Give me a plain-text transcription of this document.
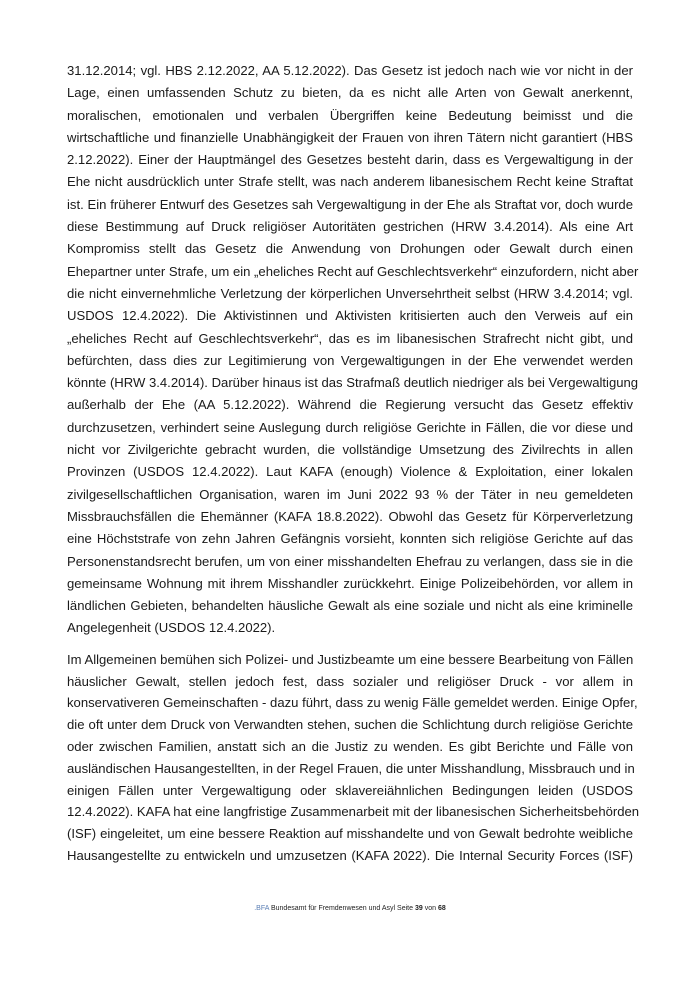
31.12.2014; vgl. HBS 2.12.2022, AA 5.12.2022). Das Gesetz ist jedoch nach wie vor nicht in der
Lage, einen umfassenden Schutz zu bieten, da es nicht alle Arten von Gewalt anerkennt,
moralischen, emotionalen und verbalen Übergriffen keine Bedeutung beimisst und die
wirtschaftliche und finanzielle Unabhängigkeit der Frauen von ihren Tätern nicht garantiert (HBS
2.12.2022). Einer der Hauptmängel des Gesetzes besteht darin, dass es Vergewaltigung in der
Ehe nicht ausdrücklich unter Strafe stellt, was nach anderem libanesischem Recht keine Straftat
ist. Ein früherer Entwurf des Gesetzes sah Vergewaltigung in der Ehe als Straftat vor, doch wurde
diese Bestimmung auf Druck religiöser Autoritäten gestrichen (HRW 3.4.2014). Als eine Art
Kompromiss stellt das Gesetz die Anwendung von Drohungen oder Gewalt durch einen
Ehepartner unter Strafe, um ein „eheliches Recht auf Geschlechtsverkehr“ einzufordern, nicht aber
die nicht einvernehmliche Verletzung der körperlichen Unversehrtheit selbst (HRW 3.4.2014; vgl.
USDOS 12.4.2022). Die Aktivistinnen und Aktivisten kritisierten auch den Verweis auf ein
„eheliches Recht auf Geschlechtsverkehr“, das es im libanesischen Strafrecht nicht gibt, und
befürchten, dass dies zur Legitimierung von Vergewaltigungen in der Ehe verwendet werden
könnte (HRW 3.4.2014). Darüber hinaus ist das Strafmaß deutlich niedriger als bei Vergewaltigung
außerhalb der Ehe (AA 5.12.2022). Während die Regierung versucht das Gesetz effektiv
durchzusetzen, verhindert seine Auslegung durch religiöse Gerichte in Fällen, die vor diese und
nicht vor Zivilgerichte gebracht wurden, die vollständige Umsetzung des Zivilrechts in allen
Provinzen (USDOS 12.4.2022). Laut KAFA (enough) Violence & Exploitation, einer lokalen
zivilgesellschaftlichen Organisation, waren im Juni 2022 93 % der Täter in neu gemeldeten
Missbrauchsfällen die Ehemänner (KAFA 18.8.2022). Obwohl das Gesetz für Körperverletzung
eine Höchststrafe von zehn Jahren Gefängnis vorsieht, konnten sich religiöse Gerichte auf das
Personenstandsrecht berufen, um von einer misshandelten Ehefrau zu verlangen, dass sie in die
gemeinsame Wohnung mit ihrem Misshandler zurückkehrt. Einige Polizeibehörden, vor allem in
ländlichen Gebieten, behandelten häusliche Gewalt als eine soziale und nicht als eine kriminelle
Angelegenheit (USDOS 12.4.2022).
Im Allgemeinen bemühen sich Polizei- und Justizbeamte um eine bessere Bearbeitung von Fällen
häuslicher Gewalt, stellen jedoch fest, dass sozialer und religiöser Druck - vor allem in
konservativeren Gemeinschaften - dazu führt, dass zu wenig Fälle gemeldet werden. Einige Opfer,
die oft unter dem Druck von Verwandten stehen, suchen die Schlichtung durch religiöse Gerichte
oder zwischen Familien, anstatt sich an die Justiz zu wenden. Es gibt Berichte und Fälle von
ausländischen Hausangestellten, in der Regel Frauen, die unter Misshandlung, Missbrauch und in
einigen Fällen unter Vergewaltigung oder sklavereiähnlichen Bedingungen leiden (USDOS
12.4.2022). KAFA hat eine langfristige Zusammenarbeit mit der libanesischen Sicherheitsbehörden
(ISF) eingeleitet, um eine bessere Reaktion auf misshandelte und von Gewalt bedrohte weibliche
Hausangestellte zu entwickeln und umzusetzen (KAFA 2022). Die Internal Security Forces (ISF)
.BFA Bundesamt für Fremdenwesen und Asyl Seite 39 von 68
